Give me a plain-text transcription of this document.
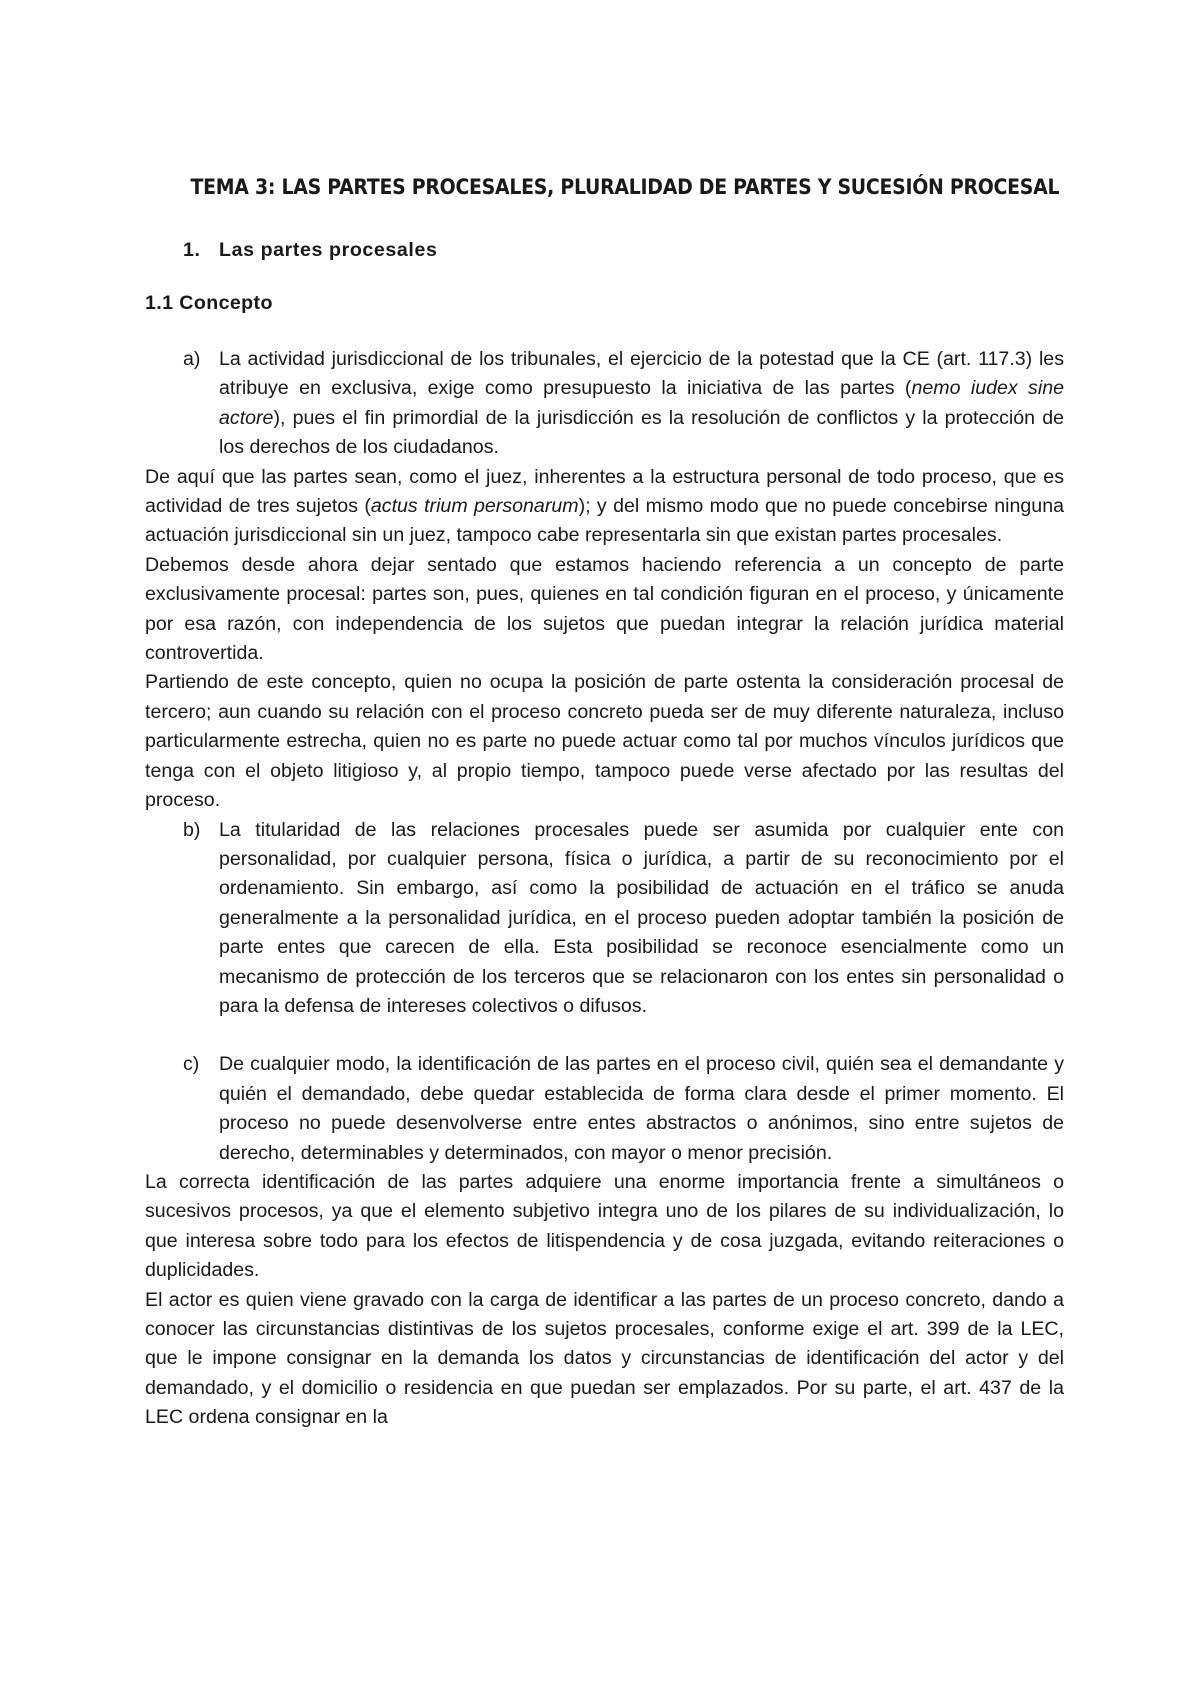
TEMA 3: LAS PARTES PROCESALES, PLURALIDAD DE PARTES Y SUCESIÓN PROCESAL
1. Las partes procesales
1.1 Concepto
a) La actividad jurisdiccional de los tribunales, el ejercicio de la potestad que la CE (art. 117.3) les atribuye en exclusiva, exige como presupuesto la iniciativa de las partes (nemo iudex sine actore), pues el fin primordial de la jurisdicción es la resolución de conflictos y la protección de los derechos de los ciudadanos.

De aquí que las partes sean, como el juez, inherentes a la estructura personal de todo proceso, que es actividad de tres sujetos (actus trium personarum); y del mismo modo que no puede concebirse ninguna actuación jurisdiccional sin un juez, tampoco cabe representarla sin que existan partes procesales.

Debemos desde ahora dejar sentado que estamos haciendo referencia a un concepto de parte exclusivamente procesal: partes son, pues, quienes en tal condición figuran en el proceso, y únicamente por esa razón, con independencia de los sujetos que puedan integrar la relación jurídica material controvertida.

Partiendo de este concepto, quien no ocupa la posición de parte ostenta la consideración procesal de tercero; aun cuando su relación con el proceso concreto pueda ser de muy diferente naturaleza, incluso particularmente estrecha, quien no es parte no puede actuar como tal por muchos vínculos jurídicos que tenga con el objeto litigioso y, al propio tiempo, tampoco puede verse afectado por las resultas del proceso.

b) La titularidad de las relaciones procesales puede ser asumida por cualquier ente con personalidad, por cualquier persona, física o jurídica, a partir de su reconocimiento por el ordenamiento. Sin embargo, así como la posibilidad de actuación en el tráfico se anuda generalmente a la personalidad jurídica, en el proceso pueden adoptar también la posición de parte entes que carecen de ella. Esta posibilidad se reconoce esencialmente como un mecanismo de protección de los terceros que se relacionaron con los entes sin personalidad o para la defensa de intereses colectivos o difusos.
c) De cualquier modo, la identificación de las partes en el proceso civil, quién sea el demandante y quién el demandado, debe quedar establecida de forma clara desde el primer momento. El proceso no puede desenvolverse entre entes abstractos o anónimos, sino entre sujetos de derecho, determinables y determinados, con mayor o menor precisión.

La correcta identificación de las partes adquiere una enorme importancia frente a simultáneos o sucesivos procesos, ya que el elemento subjetivo integra uno de los pilares de su individualización, lo que interesa sobre todo para los efectos de litispendencia y de cosa juzgada, evitando reiteraciones o duplicidades.

El actor es quien viene gravado con la carga de identificar a las partes de un proceso concreto, dando a conocer las circunstancias distintivas de los sujetos procesales, conforme exige el art. 399 de la LEC, que le impone consignar en la demanda los datos y circunstancias de identificación del actor y del demandado, y el domicilio o residencia en que puedan ser emplazados. Por su parte, el art. 437 de la LEC ordena consignar en la
